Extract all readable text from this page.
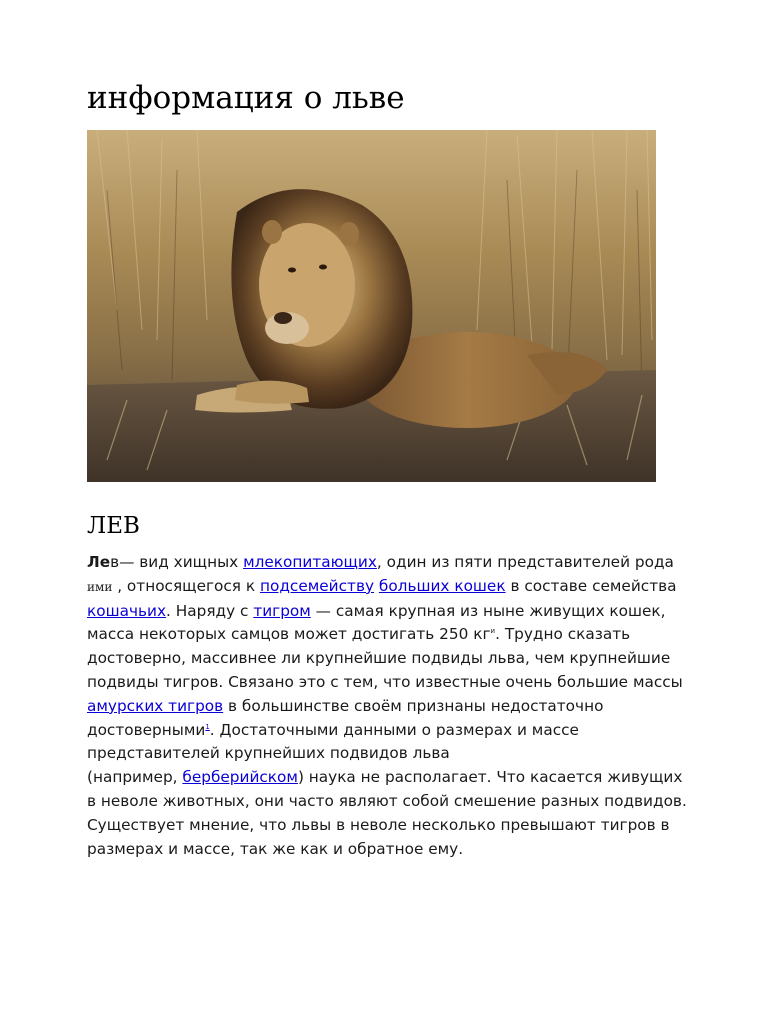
информация о льве
ЛЕВ

Лев— вид хищных млекопитающих, один из пяти представителей рода ими , относящегося к подсемейству больших кошек в составе семейства кошачьих. Наряду с тигром — самая крупная из ныне живущих кошек, масса некоторых самцов может достигать 250 $кг^и$. Трудно сказать достоверно, массивнее ли крупнейшие подвиды льва, чем крупнейшие подвиды тигров. Связано это с тем, что известные очень большие массы амурских тигров в большинстве своём признаны недостаточно достоверными$^1$. Достаточными данными о размерах и массе представителей крупнейших подвидов льва
(например, берберийском) наука не располагает. Что касается живущих в неволе животных, они часто являют собой смешение разных подвидов. Существует мнение, что львы в неволе несколько превышают тигров в размерах и массе, так же как и обратное ему.
